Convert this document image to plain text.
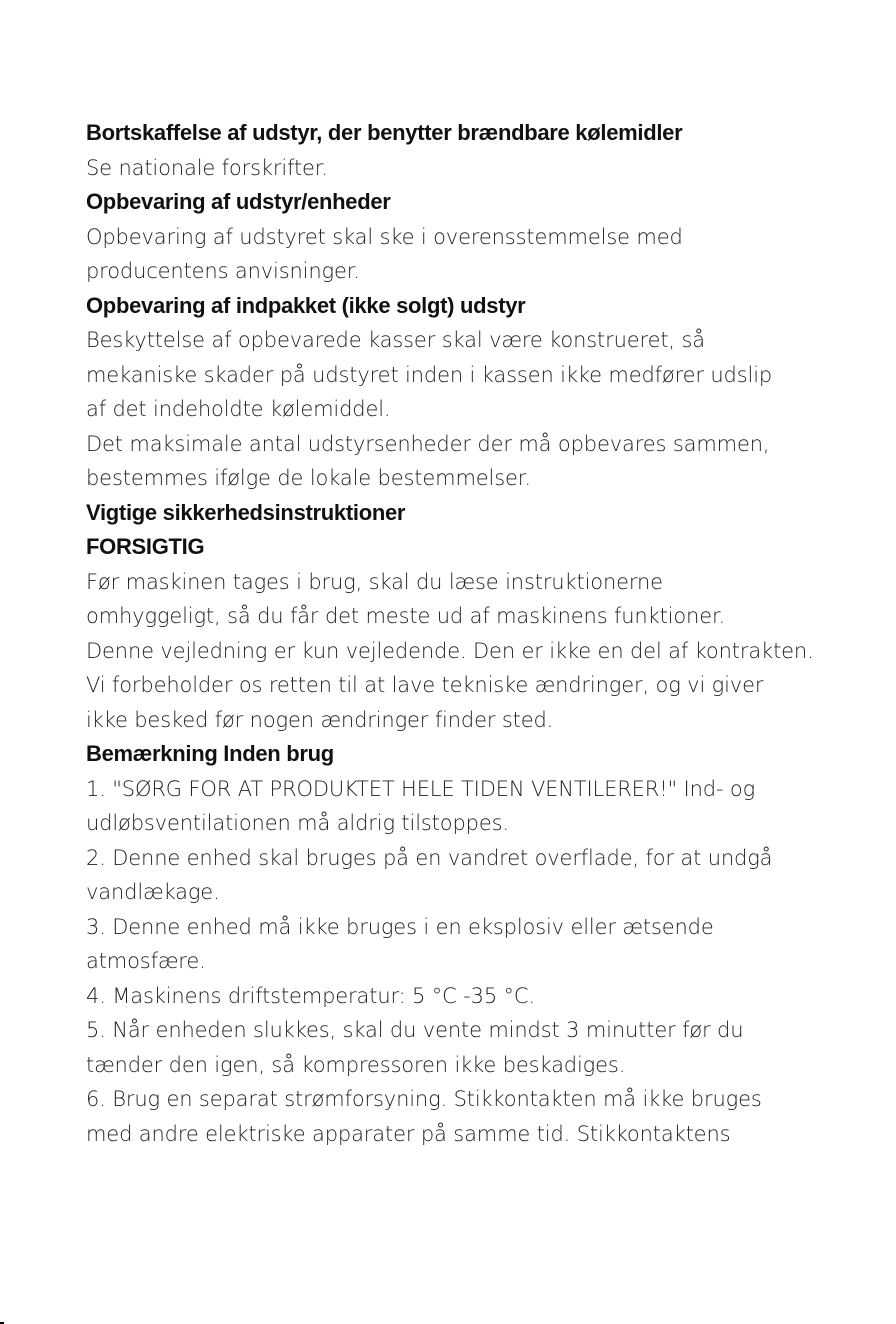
Bortskaffelse af udstyr, der benytter brændbare kølemidler
Se nationale forskrifter.
Opbevaring af udstyr/enheder
Opbevaring af udstyret skal ske i overensstemmelse med
producentens anvisninger.
Opbevaring af indpakket (ikke solgt) udstyr
Beskyttelse af opbevarede kasser skal være konstrueret, så
mekaniske skader på udstyret inden i kassen ikke medfører udslip
af det indeholdte kølemiddel.
Det maksimale antal udstyrsenheder der må opbevares sammen,
bestemmes ifølge de lokale bestemmelser.
Vigtige sikkerhedsinstruktioner
FORSIGTIG
Før maskinen tages i brug, skal du læse instruktionerne
omhyggeligt, så du får det meste ud af maskinens funktioner.
Denne vejledning er kun vejledende. Den er ikke en del af kontrakten.
Vi forbeholder os retten til at lave tekniske ændringer, og vi giver
ikke besked før nogen ændringer finder sted.
Bemærkning Inden brug
1. "SØRG FOR AT PRODUKTET HELE TIDEN VENTILERER!" Ind- og
udløbsventilationen må aldrig tilstoppes.
2. Denne enhed skal bruges på en vandret overflade, for at undgå
vandlækage.
3. Denne enhed må ikke bruges i en eksplosiv eller ætsende
atmosfære.
4. Maskinens driftstemperatur: 5 °C -35 °C.
5. Når enheden slukkes, skal du vente mindst 3 minutter før du
tænder den igen, så kompressoren ikke beskadiges.
6. Brug en separat strømforsyning. Stikkontakten må ikke bruges
med andre elektriske apparater på samme tid. Stikkontaktens
